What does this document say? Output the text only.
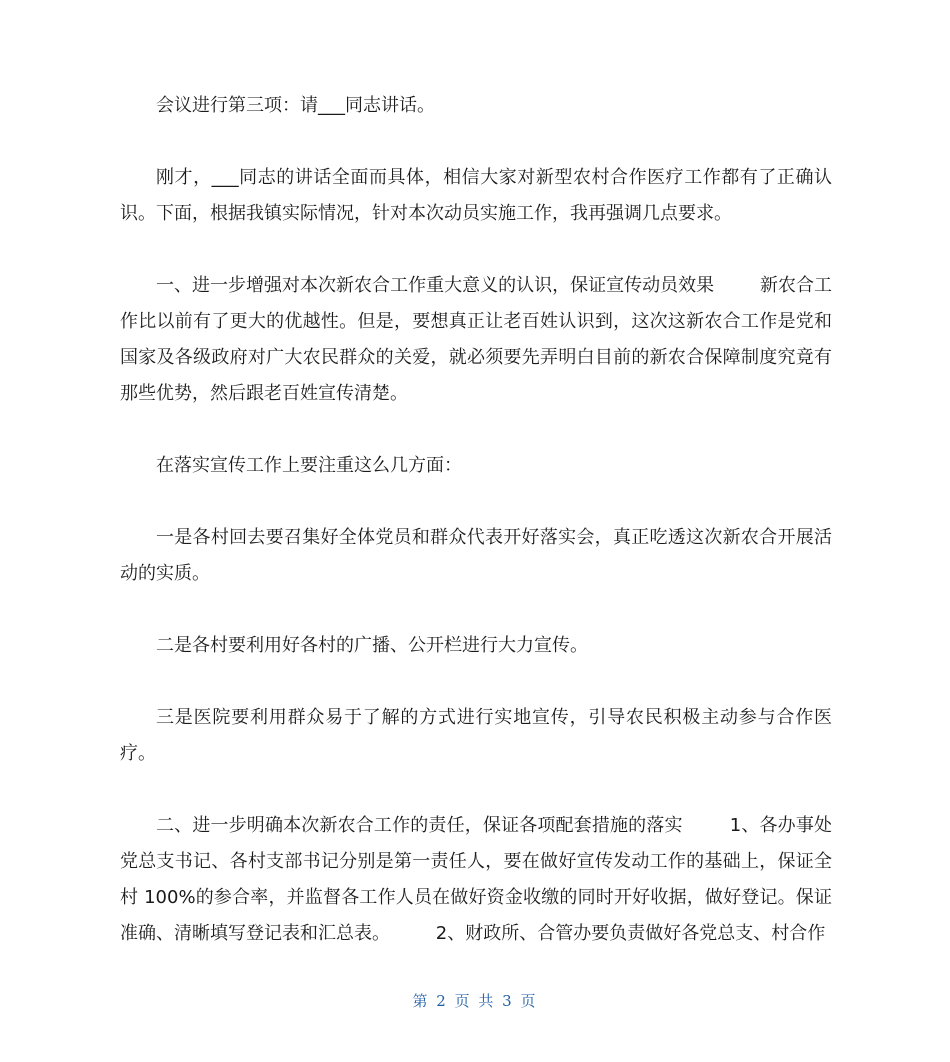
会议进行第三项：请___同志讲话。

刚才，___同志的讲话全面而具体，相信大家对新型农村合作医疗工作都有了正确认识。下面，根据我镇实际情况，针对本次动员实施工作，我再强调几点要求。

一、进一步增强对本次新农合工作重大意义的认识，保证宣传动员效果        新农合工作比以前有了更大的优越性。但是，要想真正让老百姓认识到，这次这新农合工作是党和国家及各级政府对广大农民群众的关爱，就必须要先弄明白目前的新农合保障制度究竟有那些优势，然后跟老百姓宣传清楚。

在落实宣传工作上要注重这么几方面：

一是各村回去要召集好全体党员和群众代表开好落实会，真正吃透这次新农合开展活动的实质。

二是各村要利用好各村的广播、公开栏进行大力宣传。

三是医院要利用群众易于了解的方式进行实地宣传，引导农民积极主动参与合作医疗。

二、进一步明确本次新农合工作的责任，保证各项配套措施的落实        1、各办事处党总支书记、各村支部书记分别是第一责任人，要在做好宣传发动工作的基础上，保证全村 100%的参合率，并监督各工作人员在做好资金收缴的同时开好收据，做好登记。保证准确、清晰填写登记表和汇总表。        2、财政所、合管办要负责做好各党总支、村合作

第 2 页 共 3 页
